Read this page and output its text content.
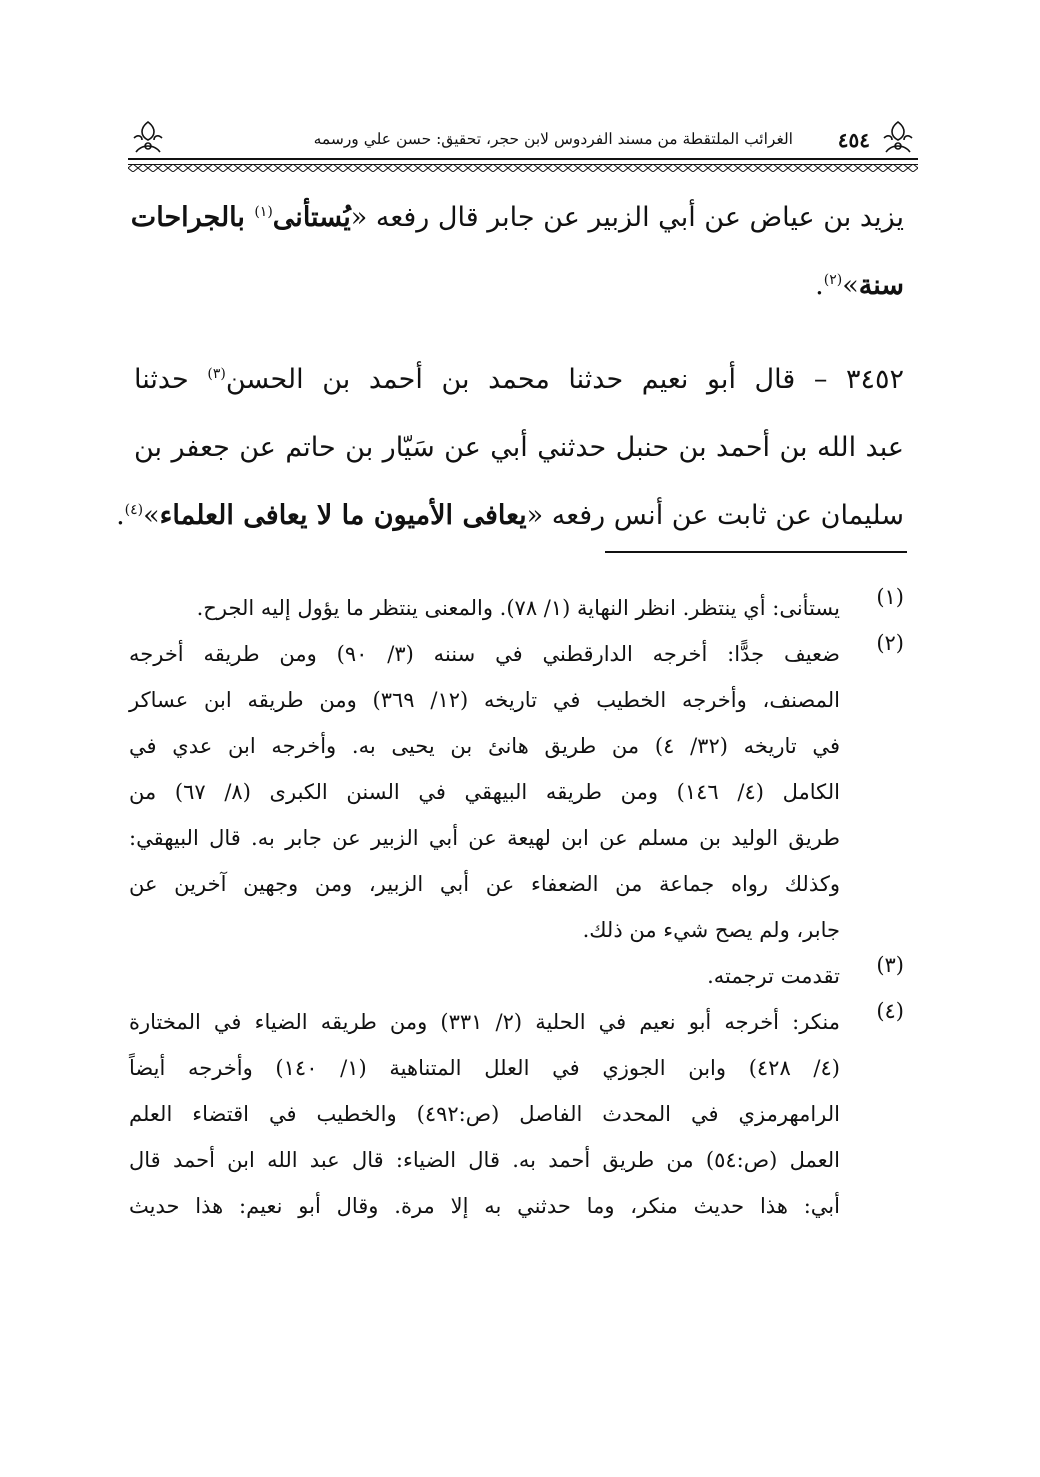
٤٥٤
الغرائب الملتقطة من مسند الفردوس لابن حجر، تحقيق: حسن علي ورسمه
يزيد بن عياض عن أبي الزبير عن جابر قال رفعه «يُستأنى$^{(١)}$ بالجراحات
سنة»$^{(٢)}$.
٣٤٥٢ – قال أبو نعيم حدثنا محمد بن أحمد بن الحسن$^{(٣)}$ حدثنا
عبد الله بن أحمد بن حنبل حدثني أبي عن سَيّار بن حاتم عن جعفر بن
سليمان عن ثابت عن أنس رفعه «يعافى الأميون ما لا يعافى العلماء»$^{(٤)}$.
(١)
يستأنى: أي ينتظر. انظر النهاية (١/ ٧٨). والمعنى ينتظر ما يؤول إليه الجرح.
(٢)
ضعيف جدًّا: أخرجه الدارقطني في سننه (٣/ ٩٠) ومن طريقه أخرجه
المصنف، وأخرجه الخطيب في تاريخه (١٢/ ٣٦٩) ومن طريقه ابن عساكر
في تاريخه (٣٢/ ٤) من طريق هانئ بن يحيى به. وأخرجه ابن عدي في
الكامل (٤/ ١٤٦) ومن طريقه البيهقي في السنن الكبرى (٨/ ٦٧) من
طريق الوليد بن مسلم عن ابن لهيعة عن أبي الزبير عن جابر به. قال البيهقي:
وكذلك رواه جماعة من الضعفاء عن أبي الزبير، ومن وجهين آخرين عن
جابر، ولم يصح شيء من ذلك.
(٣)
تقدمت ترجمته.
(٤)
منكر: أخرجه أبو نعيم في الحلية (٢/ ٣٣١) ومن طريقه الضياء في المختارة
(٤/ ٤٢٨) وابن الجوزي في العلل المتناهية (١/ ١٤٠) وأخرجه أيضاً
الرامهرمزي في المحدث الفاصل (ص:٤٩٢) والخطيب في اقتضاء العلم
العمل (ص:٥٤) من طريق أحمد به. قال الضياء: قال عبد الله ابن أحمد قال
أبي: هذا حديث منكر، وما حدثني به إلا مرة. وقال أبو نعيم: هذا حديث
